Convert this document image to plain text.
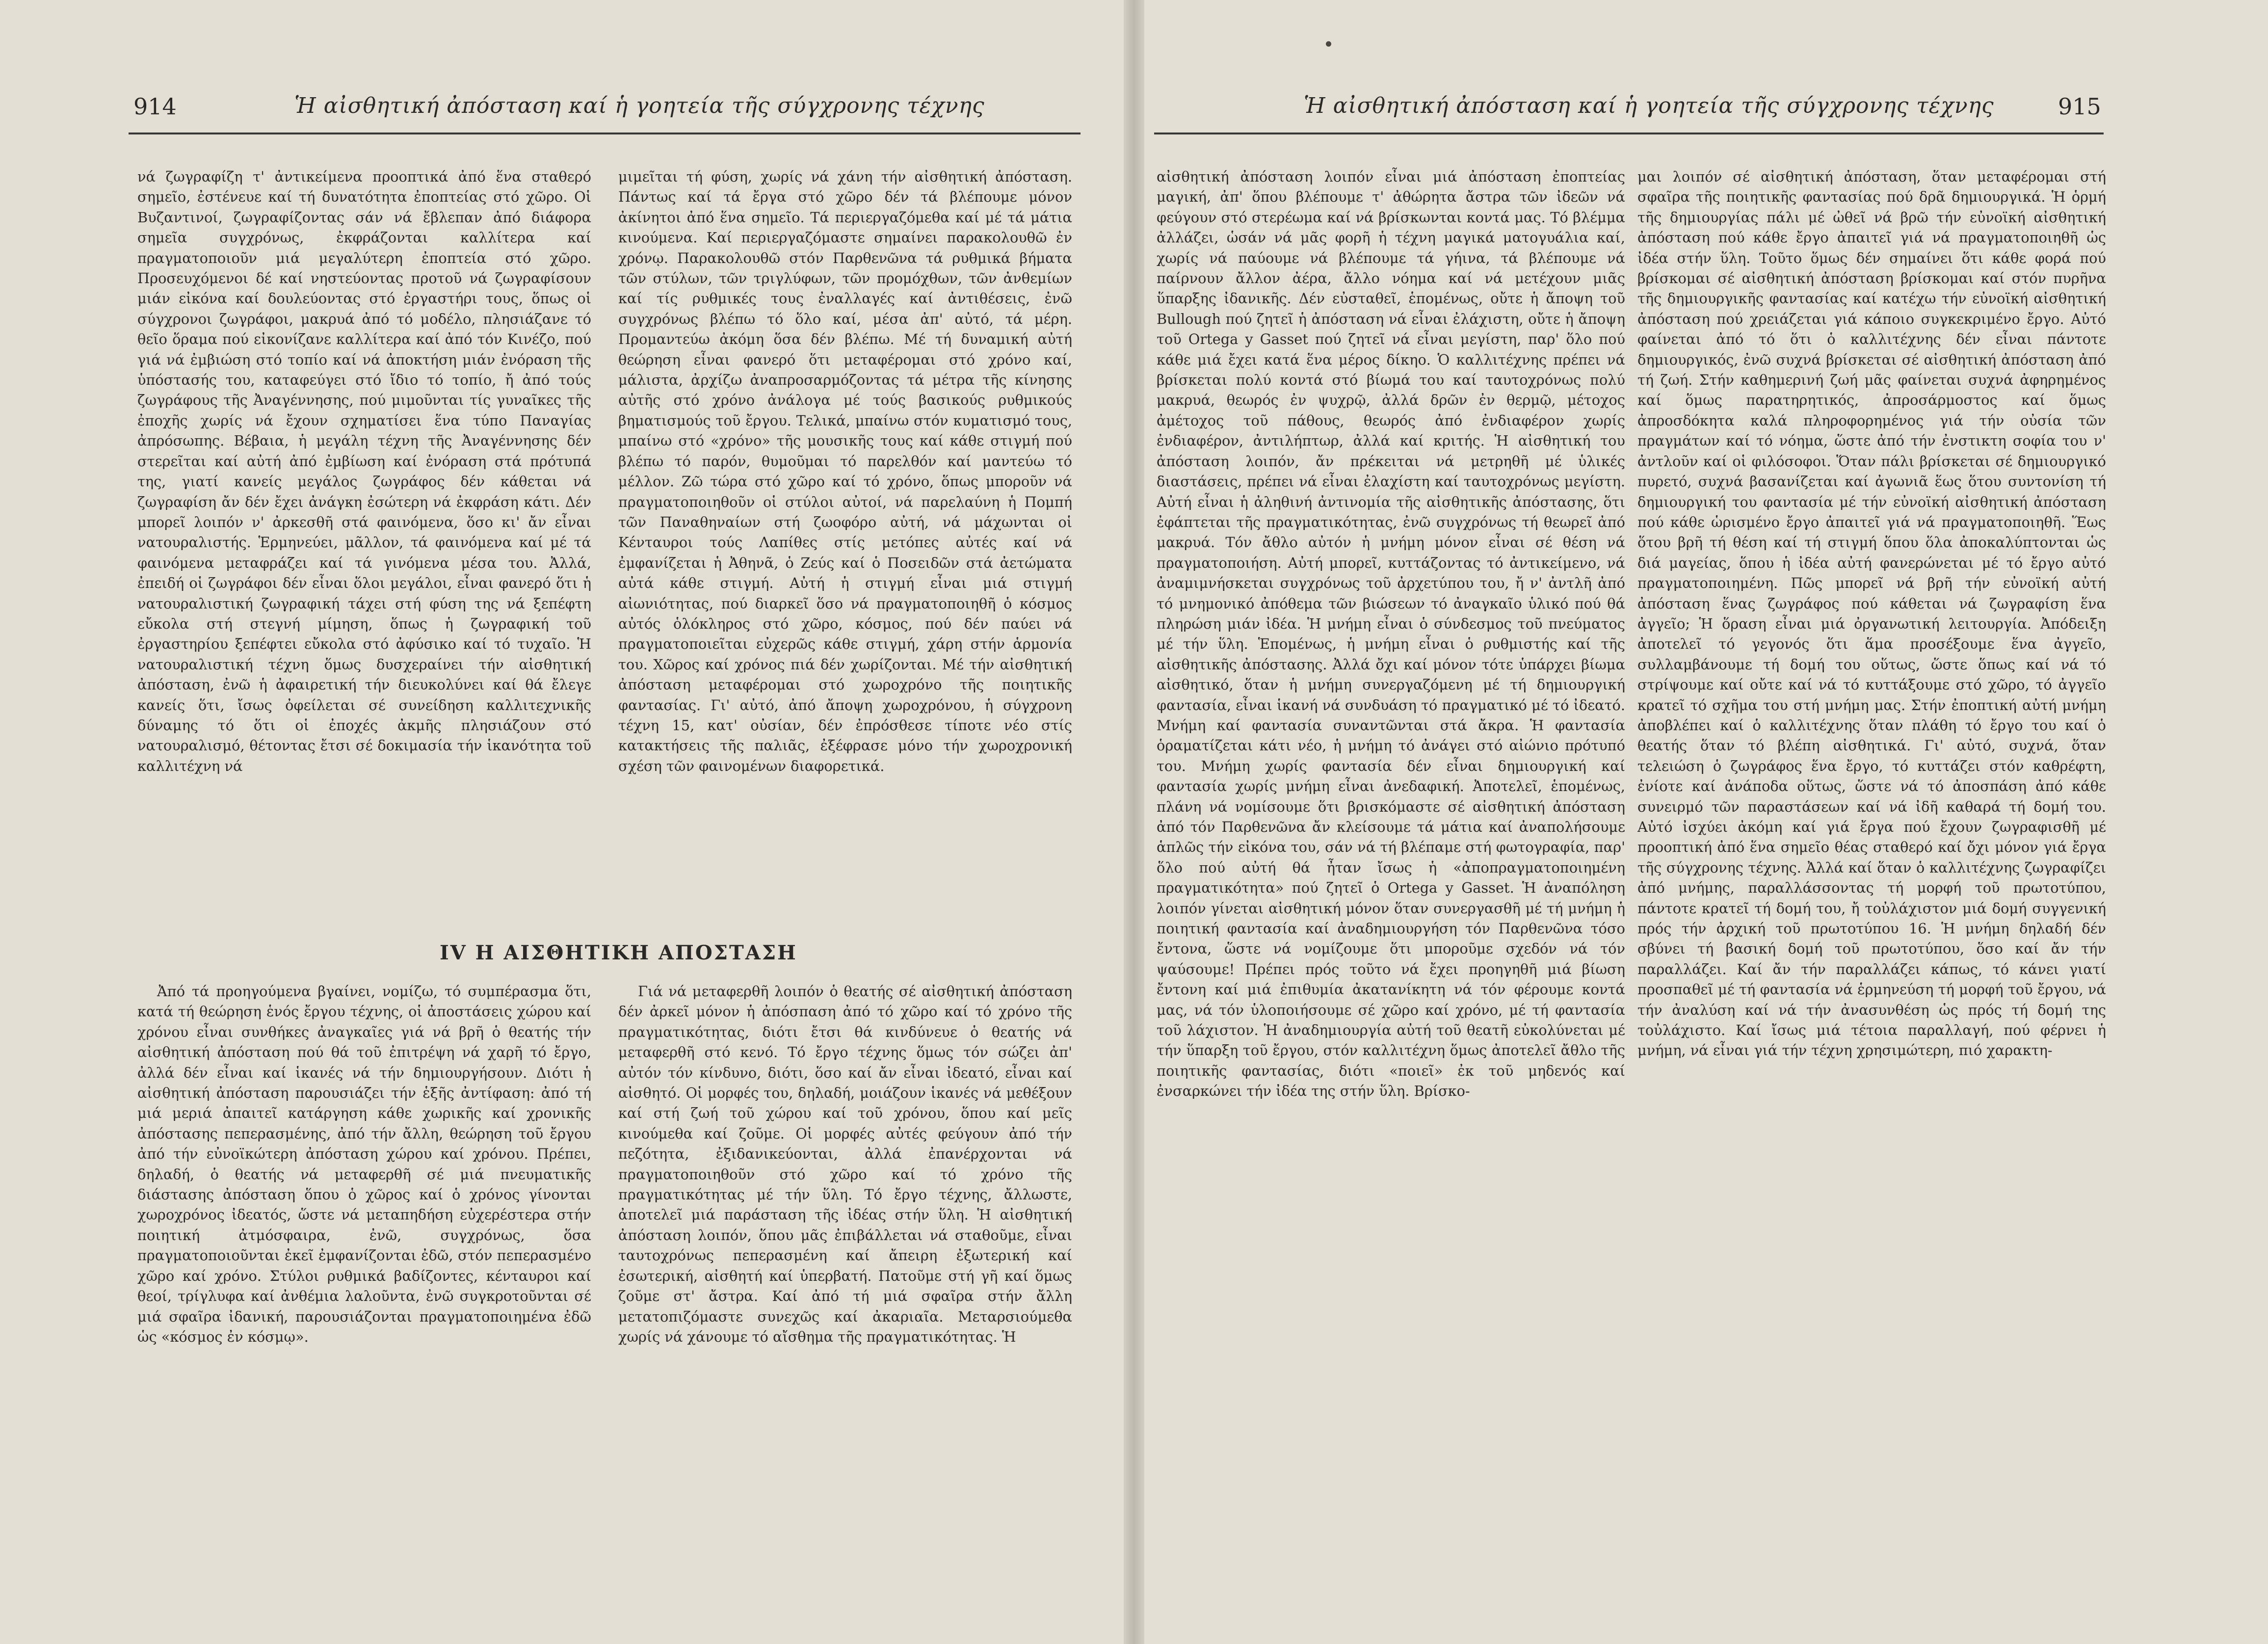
914	Ἡ αἰσθητική ἀπόσταση καί ἡ γοητεία τῆς σύγχρονης τέχνης

νά ζωγραφίζη τ' ἀντικείμενα προοπτικά ἀπό ἕνα σταθερό σημεῖο, ἐστένευε καί τή δυνατότητα ἐποπτείας στό χῶρο. Οἱ Βυζαντινοί, ζωγραφίζοντας σάν νά ἔβλεπαν ἀπό διάφορα σημεῖα συγχρόνως, ἐκφράζονται καλλίτερα καί πραγματοποιοῦν μιά μεγαλύτερη ἐποπτεία στό χῶρο. Προσευχόμενοι δέ καί νηστεύοντας προτοῦ νά ζωγραφίσουν μιάν εἰκόνα καί δουλεύοντας στό ἐργαστήρι τους, ὅπως οἱ σύγχρονοι ζωγράφοι, μακρυά ἀπό τό μοδέλο, πλησιάζανε τό θεῖο ὅραμα πού εἰκονίζανε καλλίτερα καί ἀπό τόν Κινέζο, πού γιά νά ἐμβιώση στό τοπίο καί νά ἀποκτήση μιάν ἐνόραση τῆς ὑπόστασής του, καταφεύγει στό ἴδιο τό τοπίο, ἤ ἀπό τούς ζωγράφους τῆς Ἀναγέννησης, πού μιμοῦνται τίς γυναῖκες τῆς ἐποχῆς χωρίς νά ἔχουν σχηματίσει ἕνα τύπο Παναγίας ἀπρόσωπης. Βέβαια, ἡ μεγάλη τέχνη τῆς Ἀναγέννησης δέν στερεῖται καί αὐτή ἀπό ἐμβίωση καί ἐνόραση στά πρότυπά της, γιατί κανείς μεγάλος ζωγράφος δέν κάθεται νά ζωγραφίση ἄν δέν ἔχει ἀνάγκη ἐσώτερη νά ἐκφράση κάτι. Δέν μπορεῖ λοιπόν ν' ἀρκεσθῆ στά φαινόμενα, ὅσο κι' ἄν εἶναι νατουραλιστής. Ἑρμηνεύει, μᾶλλον, τά φαινόμενα καί μέ τά φαινόμενα μεταφράζει καί τά γινόμενα μέσα του. Ἀλλά, ἐπειδή οἱ ζωγράφοι δέν εἶναι ὅλοι μεγάλοι, εἶναι φανερό ὅτι ἡ νατουραλιστική ζωγραφική τάχει στή φύση της νά ξεπέφτη εὔκολα στή στεγνή μίμηση, ὅπως ἡ ζωγραφική τοῦ ἐργαστηρίου ξεπέφτει εὔκολα στό ἀφύσικο καί τό τυχαῖο. Ἡ νατουραλιστική τέχνη ὅμως δυσχεραίνει τήν αἰσθητική ἀπόσταση, ἐνῶ ἡ ἀφαιρετική τήν διευκολύνει καί θά ἔλεγε κανείς ὅτι, ἴσως ὀφείλεται σέ συνείδηση καλλιτεχνικῆς δύναμης τό ὅτι οἱ ἐποχές ἀκμῆς πλησιάζουν στό νατουραλισμό, θέτοντας ἔτσι σέ δοκιμασία τήν ἱκανότητα τοῦ καλλιτέχνη νά

μιμεῖται τή φύση, χωρίς νά χάνη τήν αἰσθητική ἀπόσταση. Πάντως καί τά ἔργα στό χῶρο δέν τά βλέπουμε μόνον ἀκίνητοι ἀπό ἕνα σημεῖο. Τά περιεργαζόμεθα καί μέ τά μάτια κινούμενα. Καί περιεργαζόμαστε σημαίνει παρακολουθῶ ἐν χρόνῳ. Παρακολουθῶ στόν Παρθενῶνα τά ρυθμικά βήματα τῶν στύλων, τῶν τριγλύφων, τῶν προμόχθων, τῶν ἀνθεμίων καί τίς ρυθμικές τους ἐναλλαγές καί ἀντιθέσεις, ἐνῶ συγχρόνως βλέπω τό ὅλο καί, μέσα ἀπ' αὐτό, τά μέρη. Προμαντεύω ἀκόμη ὅσα δέν βλέπω. Μέ τή δυναμική αὐτή θεώρηση εἶναι φανερό ὅτι μεταφέρομαι στό χρόνο καί, μάλιστα, ἀρχίζω ἀναπροσαρμόζοντας τά μέτρα τῆς κίνησης αὐτῆς στό χρόνο ἀνάλογα μέ τούς βασικούς ρυθμικούς βηματισμούς τοῦ ἔργου. Τελικά, μπαίνω στόν κυματισμό τους, μπαίνω στό «χρόνο» τῆς μουσικῆς τους καί κάθε στιγμή πού βλέπω τό παρόν, θυμοῦμαι τό παρελθόν καί μαντεύω τό μέλλον. Ζῶ τώρα στό χῶρο καί τό χρόνο, ὅπως μποροῦν νά πραγματοποιηθοῦν οἱ στύλοι αὐτοί, νά παρελαύνη ἡ Πομπή τῶν Παναθηναίων στή ζωοφόρο αὐτή, νά μάχωνται οἱ Κένταυροι τούς Λαπίθες στίς μετόπες αὐτές καί νά ἐμφανίζεται ἡ Ἀθηνᾶ, ὁ Ζεύς καί ὁ Ποσειδῶν στά ἀετώματα αὐτά κάθε στιγμή. Αὐτή ἡ στιγμή εἶναι μιά στιγμή αἰωνιότητας, πού διαρκεῖ ὅσο νά πραγματοποιηθῆ ὁ κόσμος αὐτός ὁλόκληρος στό χῶρο, κόσμος, πού δέν παύει νά πραγματοποιεῖται εὐχερῶς κάθε στιγμή, χάρη στήν ἁρμονία του. Χῶρος καί χρόνος πιά δέν χωρίζονται. Μέ τήν αἰσθητική ἀπόσταση μεταφέρομαι στό χωροχρόνο τῆς ποιητικῆς φαντασίας. Γι' αὐτό, ἀπό ἄποψη χωροχρόνου, ἡ σύγχρονη τέχνη 15, κατ' οὐσίαν, δέν ἐπρόσθεσε τίποτε νέο στίς κατακτήσεις τῆς παλιᾶς, ἐξέφρασε μόνο τήν χωροχρονική σχέση τῶν φαινομένων διαφορετικά.

IV Η ΑΙΣΘΗΤΙΚΗ ΑΠΟΣΤΑΣΗ

Ἀπό τά προηγούμενα βγαίνει, νομίζω, τό συμπέρασμα ὅτι, κατά τή θεώρηση ἑνός ἔργου τέχνης, οἱ ἀποστάσεις χώρου καί χρόνου εἶναι συνθήκες ἀναγκαῖες γιά νά βρῆ ὁ θεατής τήν αἰσθητική ἀπόσταση πού θά τοῦ ἐπιτρέψη νά χαρῆ τό ἔργο, ἀλλά δέν εἶναι καί ἱκανές νά τήν δημιουργήσουν. Διότι ἡ αἰσθητική ἀπόσταση παρουσιάζει τήν ἑξῆς ἀντίφαση: ἀπό τή μιά μεριά ἀπαιτεῖ κατάργηση κάθε χωρικῆς καί χρονικῆς ἀπόστασης πεπερασμένης, ἀπό τήν ἄλλη, θεώρηση τοῦ ἔργου ἀπό τήν εὐνοϊκώτερη ἀπόσταση χώρου καί χρόνου. Πρέπει, δηλαδή, ὁ θεατής νά μεταφερθῆ σέ μιά πνευματικῆς διάστασης ἀπόσταση ὅπου ὁ χῶρος καί ὁ χρόνος γίνονται χωροχρόνος ἰδεατός, ὥστε νά μεταπηδήση εὐχερέστερα στήν ποιητική ἀτμόσφαιρα, ἐνῶ, συγχρόνως, ὅσα πραγματοποιοῦνται ἐκεῖ ἐμφανίζονται ἐδῶ, στόν πεπερασμένο χῶρο καί χρόνο. Στύλοι ρυθμικά βαδίζοντες, κένταυροι καί θεοί, τρίγλυφα καί ἀνθέμια λαλοῦντα, ἐνῶ συγκροτοῦνται σέ μιά σφαῖρα ἰδανική, παρουσιάζονται πραγματοποιημένα ἐδῶ ὡς «κόσμος ἐν κόσμῳ».

Γιά νά μεταφερθῆ λοιπόν ὁ θεατής σέ αἰσθητική ἀπόσταση δέν ἀρκεῖ μόνον ἡ ἀπόσπαση ἀπό τό χῶρο καί τό χρόνο τῆς πραγματικότητας, διότι ἔτσι θά κινδύνευε ὁ θεατής νά μεταφερθῆ στό κενό. Τό ἔργο τέχνης ὅμως τόν σώζει ἀπ' αὐτόν τόν κίνδυνο, διότι, ὅσο καί ἄν εἶναι ἰδεατό, εἶναι καί αἰσθητό. Οἱ μορφές του, δηλαδή, μοιάζουν ἱκανές νά μεθέξουν καί στή ζωή τοῦ χώρου καί τοῦ χρόνου, ὅπου καί μεῖς κινούμεθα καί ζοῦμε. Οἱ μορφές αὐτές φεύγουν ἀπό τήν πεζότητα, ἐξιδανικεύονται, ἀλλά ἐπανέρχονται νά πραγματοποιηθοῦν στό χῶρο καί τό χρόνο τῆς πραγματικότητας μέ τήν ὕλη. Τό ἔργο τέχνης, ἄλλωστε, ἀποτελεῖ μιά παράσταση τῆς ἰδέας στήν ὕλη. Ἡ αἰσθητική ἀπόσταση λοιπόν, ὅπου μᾶς ἐπιβάλλεται νά σταθοῦμε, εἶναι ταυτοχρόνως πεπερασμένη καί ἄπειρη ἐξωτερική καί ἐσωτερική, αἰσθητή καί ὑπερβατή. Πατοῦμε στή γῆ καί ὅμως ζοῦμε στ' ἄστρα. Καί ἀπό τή μιά σφαῖρα στήν ἄλλη μετατοπιζόμαστε συνεχῶς καί ἀκαριαῖα. Μεταρσιούμεθα χωρίς νά χάνουμε τό αἴσθημα τῆς πραγματικότητας. Ἡ

Ἡ αἰσθητική ἀπόσταση καί ἡ γοητεία τῆς σύγχρονης τέχνης	915

αἰσθητική ἀπόσταση λοιπόν εἶναι μιά ἀπόσταση ἐποπτείας μαγική, ἀπ' ὅπου βλέπουμε τ' ἀθώρητα ἄστρα τῶν ἰδεῶν νά φεύγουν στό στερέωμα καί νά βρίσκωνται κοντά μας. Τό βλέμμα ἀλλάζει, ὡσάν νά μᾶς φορῆ ἡ τέχνη μαγικά ματογυάλια καί, χωρίς νά παύουμε νά βλέπουμε τά γήινα, τά βλέπουμε νά παίρνουν ἄλλον ἀέρα, ἄλλο νόημα καί νά μετέχουν μιᾶς ὕπαρξης ἰδανικῆς. Δέν εὐσταθεῖ, ἑπομένως, οὔτε ἡ ἄποψη τοῦ Bullough πού ζητεῖ ἡ ἀπόσταση νά εἶναι ἐλάχιστη, οὔτε ἡ ἄποψη τοῦ Ortega y Gasset πού ζητεῖ νά εἶναι μεγίστη, παρ' ὅλο πού κάθε μιά ἔχει κατά ἕνα μέρος δίκηο. Ὁ καλλιτέχνης πρέπει νά βρίσκεται πολύ κοντά στό βίωμά του καί ταυτοχρόνως πολύ μακρυά, θεωρός ἐν ψυχρῷ, ἀλλά δρῶν ἐν θερμῷ, μέτοχος ἀμέτοχος τοῦ πάθους, θεωρός ἀπό ἐνδιαφέρον χωρίς ἐνδιαφέρον, ἀντιλήπτωρ, ἀλλά καί κριτής. Ἡ αἰσθητική του ἀπόσταση λοιπόν, ἄν πρέκειται νά μετρηθῆ μέ ὑλικές διαστάσεις, πρέπει νά εἶναι ἐλαχίστη καί ταυτοχρόνως μεγίστη. Αὐτή εἶναι ἡ ἀληθινή ἀντινομία τῆς αἰσθητικῆς ἀπόστασης, ὅτι ἐφάπτεται τῆς πραγματικότητας, ἐνῶ συγχρόνως τή θεωρεῖ ἀπό μακρυά. Τόν ἄθλο αὐτόν ἡ μνήμη μόνον εἶναι σέ θέση νά πραγματοποιήση. Αὐτή μπορεῖ, κυττάζοντας τό ἀντικείμενο, νά ἀναμιμνήσκεται συγχρόνως τοῦ ἀρχετύπου του, ἤ ν' ἀντλῆ ἀπό τό μνημονικό ἀπόθεμα τῶν βιώσεων τό ἀναγκαῖο ὑλικό πού θά πληρώση μιάν ἰδέα. Ἡ μνήμη εἶναι ὁ σύνδεσμος τοῦ πνεύματος μέ τήν ὕλη. Ἑπομένως, ἡ μνήμη εἶναι ὁ ρυθμιστής καί τῆς αἰσθητικῆς ἀπόστασης. Ἀλλά ὄχι καί μόνον τότε ὑπάρχει βίωμα αἰσθητικό, ὅταν ἡ μνήμη συνεργαζόμενη μέ τή δημιουργική φαντασία, εἶναι ἱκανή νά συνδυάση τό πραγματικό μέ τό ἰδεατό. Μνήμη καί φαντασία συναντῶνται στά ἄκρα. Ἡ φαντασία ὁραματίζεται κάτι νέο, ἡ μνήμη τό ἀνάγει στό αἰώνιο πρότυπό του. Μνήμη χωρίς φαντασία δέν εἶναι δημιουργική καί φαντασία χωρίς μνήμη εἶναι ἀνεδαφική. Ἀποτελεῖ, ἑπομένως, πλάνη νά νομίσουμε ὅτι βρισκόμαστε σέ αἰσθητική ἀπόσταση ἀπό τόν Παρθενῶνα ἄν κλείσουμε τά μάτια καί ἀναπολήσουμε ἁπλῶς τήν εἰκόνα του, σάν νά τή βλέπαμε στή φωτογραφία, παρ' ὅλο πού αὐτή θά ἦταν ἴσως ἡ «ἀποπραγματοποιημένη πραγματικότητα» πού ζητεῖ ὁ Ortega y Gasset. Ἡ ἀναπόληση λοιπόν γίνεται αἰσθητική μόνον ὅταν συνεργασθῆ μέ τή μνήμη ἡ ποιητική φαντασία καί ἀναδημιουργήση τόν Παρθενῶνα τόσο ἔντονα, ὥστε νά νομίζουμε ὅτι μποροῦμε σχεδόν νά τόν ψαύσουμε! Πρέπει πρός τοῦτο νά ἔχει προηγηθῆ μιά βίωση ἔντονη καί μιά ἐπιθυμία ἀκατανίκητη νά τόν φέρουμε κοντά μας, νά τόν ὑλοποιήσουμε σέ χῶρο καί χρόνο, μέ τή φαντασία τοῦ λάχιστον. Ἡ ἀναδημιουργία αὐτή τοῦ θεατῆ εὐκολύνεται μέ τήν ὕπαρξη τοῦ ἔργου, στόν καλλιτέχνη ὅμως ἀποτελεῖ ἄθλο τῆς ποιητικῆς φαντασίας, διότι «ποιεῖ» ἐκ τοῦ μηδενός καί ἐνσαρκώνει τήν ἰδέα της στήν ὕλη. Βρίσκο-

μαι λοιπόν σέ αἰσθητική ἀπόσταση, ὅταν μεταφέρομαι στή σφαῖρα τῆς ποιητικῆς φαντασίας πού δρᾶ δημιουργικά. Ἡ ὁρμή τῆς δημιουργίας πάλι μέ ὠθεῖ νά βρῶ τήν εὐνοϊκή αἰσθητική ἀπόσταση πού κάθε ἔργο ἀπαιτεῖ γιά νά πραγματοποιηθῆ ὡς ἰδέα στήν ὕλη. Τοῦτο ὅμως δέν σημαίνει ὅτι κάθε φορά πού βρίσκομαι σέ αἰσθητική ἀπόσταση βρίσκομαι καί στόν πυρῆνα τῆς δημιουργικῆς φαντασίας καί κατέχω τήν εὐνοϊκή αἰσθητική ἀπόσταση πού χρειάζεται γιά κάποιο συγκεκριμένο ἔργο. Αὐτό φαίνεται ἀπό τό ὅτι ὁ καλλιτέχνης δέν εἶναι πάντοτε δημιουργικός, ἐνῶ συχνά βρίσκεται σέ αἰσθητική ἀπόσταση ἀπό τή ζωή. Στήν καθημερινή ζωή μᾶς φαίνεται συχνά ἀφηρημένος καί ὅμως παρατηρητικός, ἀπροσάρμοστος καί ὅμως ἀπροσδόκητα καλά πληροφορημένος γιά τήν οὐσία τῶν πραγμάτων καί τό νόημα, ὥστε ἀπό τήν ἐνστικτη σοφία του ν' ἀντλοῦν καί οἱ φιλόσοφοι. Ὅταν πάλι βρίσκεται σέ δημιουργικό πυρετό, συχνά βασανίζεται καί ἀγωνιᾶ ἕως ὅτου συντονίση τή δημιουργική του φαντασία μέ τήν εὐνοϊκή αἰσθητική ἀπόσταση πού κάθε ὡρισμένο ἔργο ἀπαιτεῖ γιά νά πραγματοποιηθῆ. Ἕως ὅτου βρῆ τή θέση καί τή στιγμή ὅπου ὅλα ἀποκαλύπτονται ὡς διά μαγείας, ὅπου ἡ ἰδέα αὐτή φανερώνεται μέ τό ἔργο αὐτό πραγματοποιημένη. Πῶς μπορεῖ νά βρῆ τήν εὐνοϊκή αὐτή ἀπόσταση ἕνας ζωγράφος πού κάθεται νά ζωγραφίση ἕνα ἀγγεῖο; Ἡ ὅραση εἶναι μιά ὀργανωτική λειτουργία. Ἀπόδειξη ἀποτελεῖ τό γεγονός ὅτι ἅμα προσέξουμε ἕνα ἀγγεῖο, συλλαμβάνουμε τή δομή του οὕτως, ὥστε ὅπως καί νά τό στρίψουμε καί οὔτε καί νά τό κυττάξουμε στό χῶρο, τό ἀγγεῖο κρατεῖ τό σχῆμα του στή μνήμη μας. Στήν ἐποπτική αὐτή μνήμη ἀποβλέπει καί ὁ καλλιτέχνης ὅταν πλάθη τό ἔργο του καί ὁ θεατής ὅταν τό βλέπη αἰσθητικά. Γι' αὐτό, συχνά, ὅταν τελειώση ὁ ζωγράφος ἕνα ἔργο, τό κυττάζει στόν καθρέφτη, ἐνίοτε καί ἀνάποδα οὕτως, ὥστε νά τό ἀποσπάση ἀπό κάθε συνειρμό τῶν παραστάσεων καί νά ἰδῆ καθαρά τή δομή του. Αὐτό ἰσχύει ἀκόμη καί γιά ἔργα πού ἔχουν ζωγραφισθῆ μέ προοπτική ἀπό ἕνα σημεῖο θέας σταθερό καί ὄχι μόνον γιά ἔργα τῆς σύγχρονης τέχνης. Ἀλλά καί ὅταν ὁ καλλιτέχνης ζωγραφίζει ἀπό μνήμης, παραλλάσσοντας τή μορφή τοῦ πρωτοτύπου, πάντοτε κρατεῖ τή δομή του, ἤ τοὐλάχιστον μιά δομή συγγενική πρός τήν ἀρχική τοῦ πρωτοτύπου 16. Ἡ μνήμη δηλαδή δέν σβύνει τή βασική δομή τοῦ πρωτοτύπου, ὅσο καί ἄν τήν παραλλάζει. Καί ἄν τήν παραλλάζει κάπως, τό κάνει γιατί προσπαθεῖ μέ τή φαντασία νά ἑρμηνεύση τή μορφή τοῦ ἔργου, νά τήν ἀναλύση καί νά τήν ἀνασυνθέση ὡς πρός τή δομή της τοὐλάχιστο. Καί ἴσως μιά τέτοια παραλλαγή, πού φέρνει ἡ μνήμη, νά εἶναι γιά τήν τέχνη χρησιμώτερη, πιό χαρακτη-
